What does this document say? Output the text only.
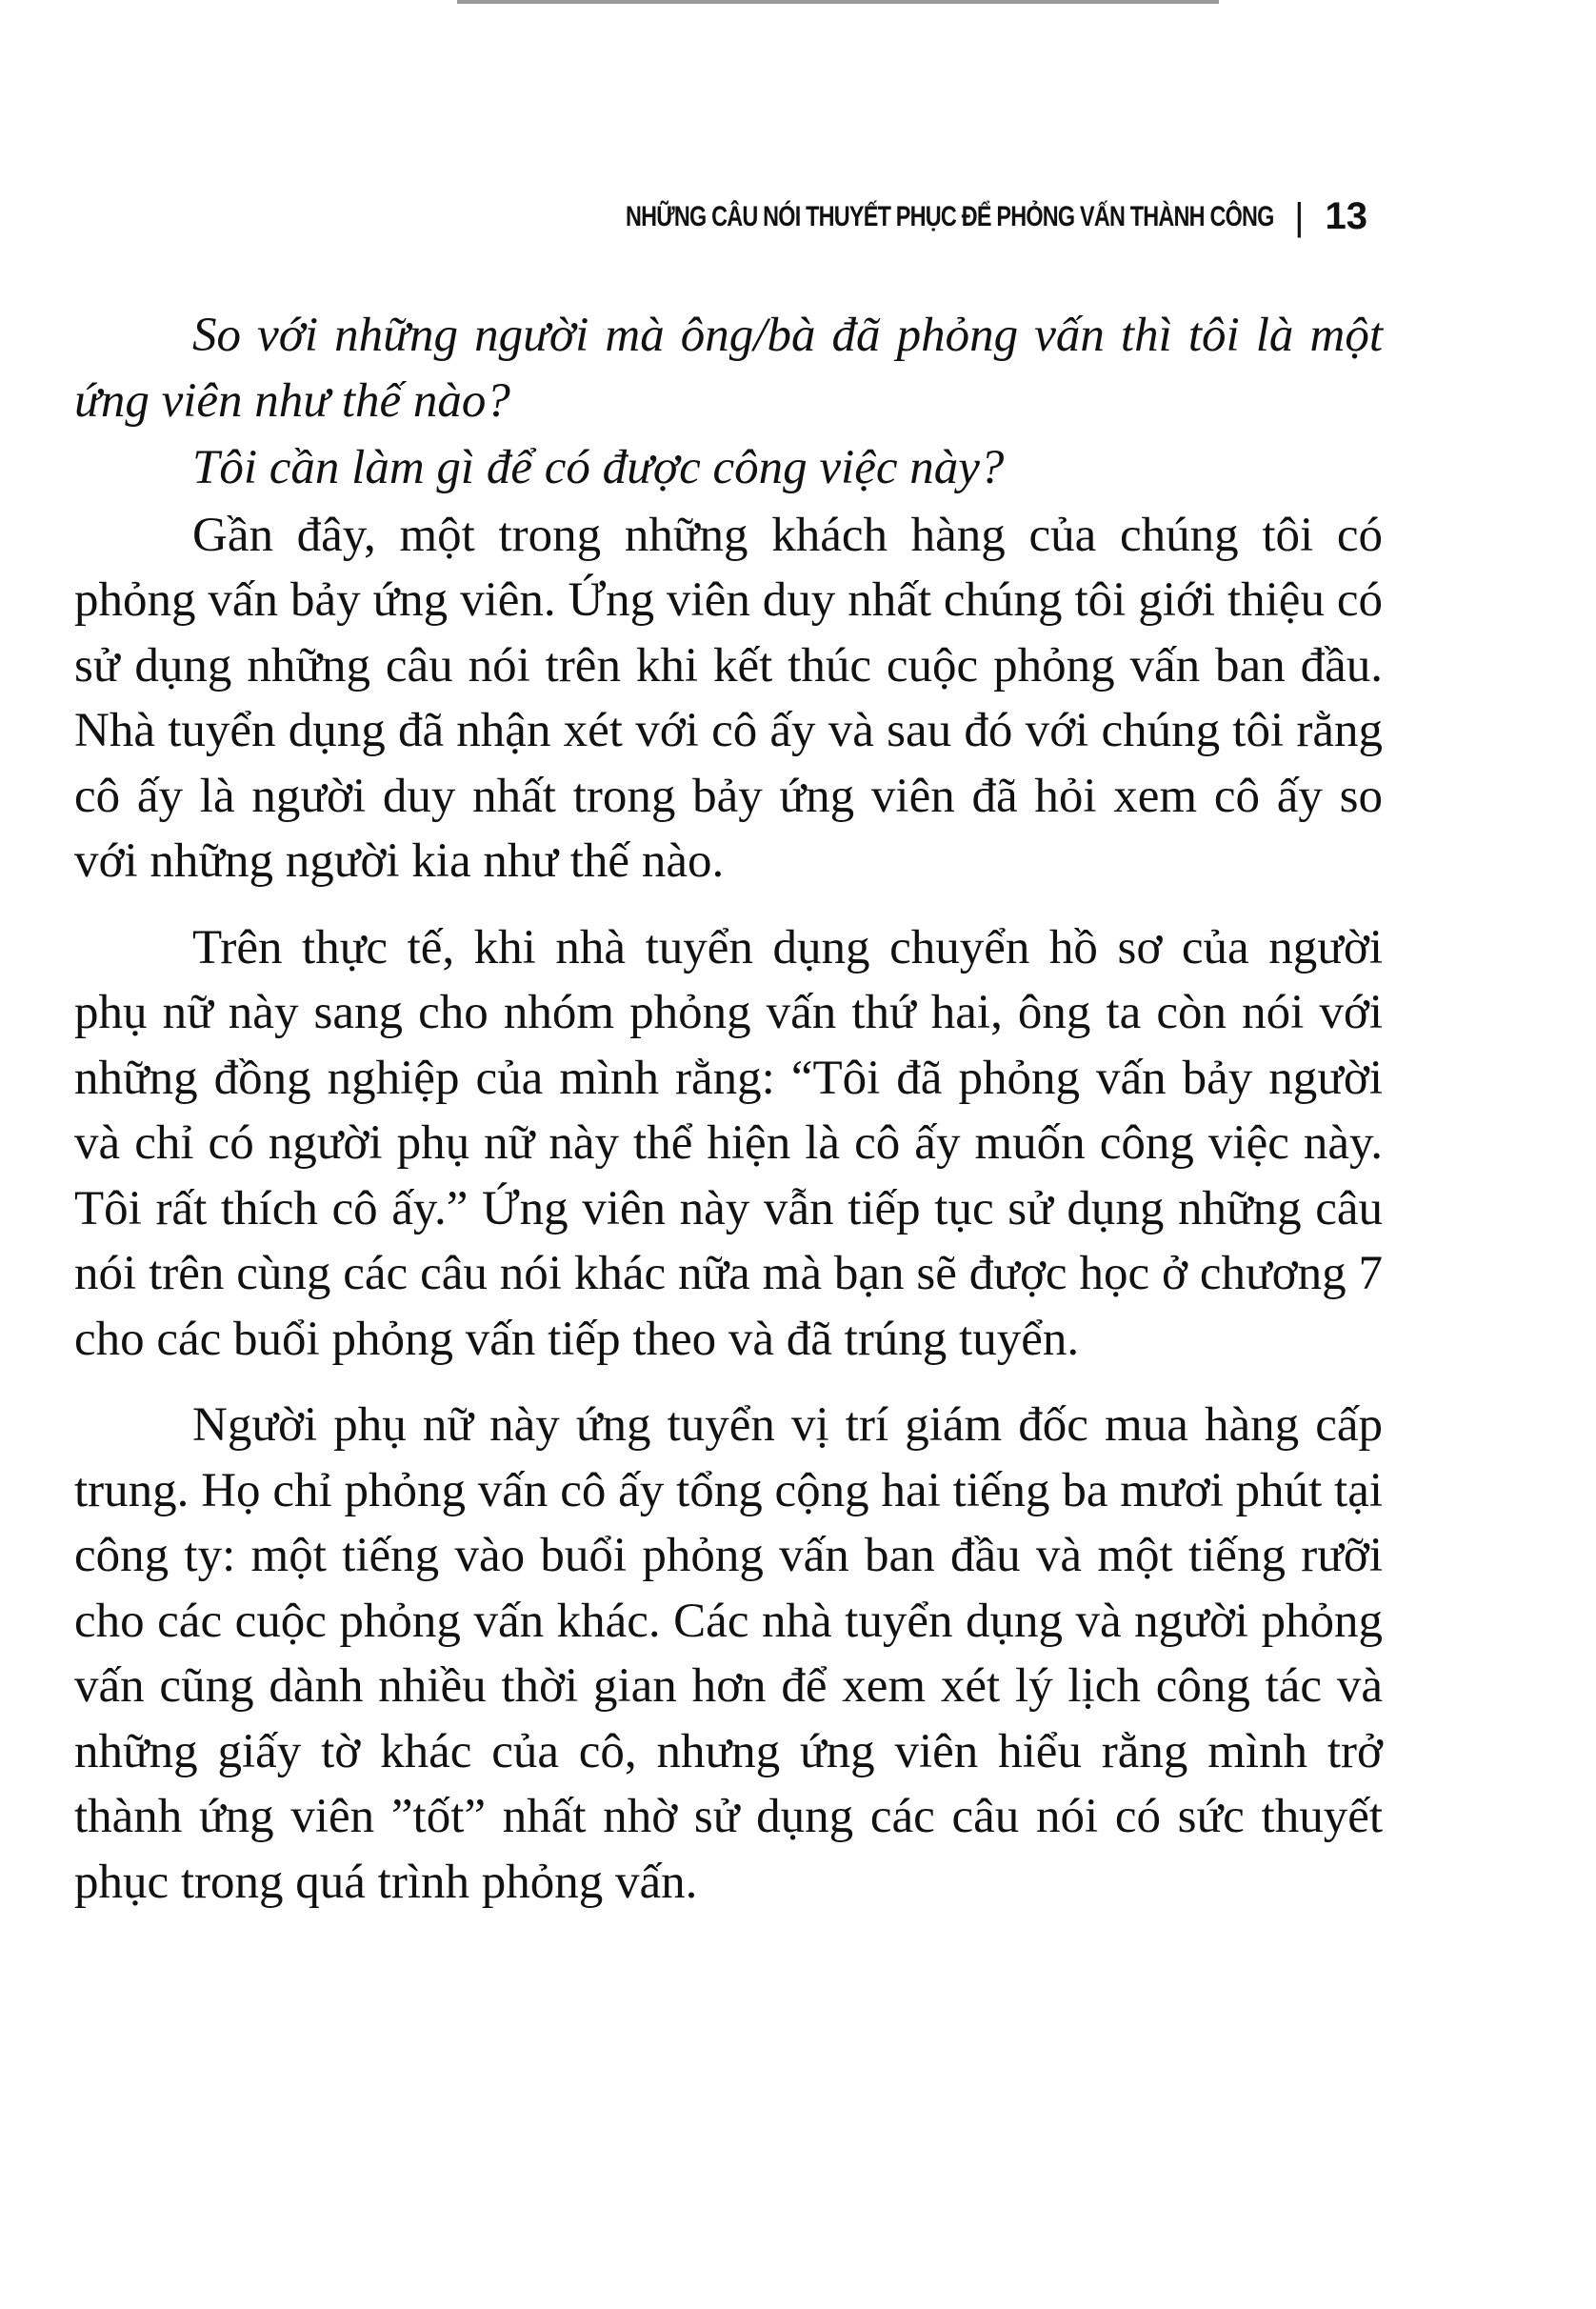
NHỮNG CÂU NÓI THUYẾT PHỤC ĐỂ PHỎNG VẤN THÀNH CÔNG | 13

So với những người mà ông/bà đã phỏng vấn thì tôi là một ứng viên như thế nào?

Tôi cần làm gì để có được công việc này?

Gần đây, một trong những khách hàng của chúng tôi có phỏng vấn bảy ứng viên. Ứng viên duy nhất chúng tôi giới thiệu có sử dụng những câu nói trên khi kết thúc cuộc phỏng vấn ban đầu. Nhà tuyển dụng đã nhận xét với cô ấy và sau đó với chúng tôi rằng cô ấy là người duy nhất trong bảy ứng viên đã hỏi xem cô ấy so với những người kia như thế nào.

Trên thực tế, khi nhà tuyển dụng chuyển hồ sơ của người phụ nữ này sang cho nhóm phỏng vấn thứ hai, ông ta còn nói với những đồng nghiệp của mình rằng: “Tôi đã phỏng vấn bảy người và chỉ có người phụ nữ này thể hiện là cô ấy muốn công việc này. Tôi rất thích cô ấy.” Ứng viên này vẫn tiếp tục sử dụng những câu nói trên cùng các câu nói khác nữa mà bạn sẽ được học ở chương 7 cho các buổi phỏng vấn tiếp theo và đã trúng tuyển.

Người phụ nữ này ứng tuyển vị trí giám đốc mua hàng cấp trung. Họ chỉ phỏng vấn cô ấy tổng cộng hai tiếng ba mươi phút tại công ty: một tiếng vào buổi phỏng vấn ban đầu và một tiếng rưỡi cho các cuộc phỏng vấn khác. Các nhà tuyển dụng và người phỏng vấn cũng dành nhiều thời gian hơn để xem xét lý lịch công tác và những giấy tờ khác của cô, nhưng ứng viên hiểu rằng mình trở thành ứng viên ”tốt” nhất nhờ sử dụng các câu nói có sức thuyết phục trong quá trình phỏng vấn.
